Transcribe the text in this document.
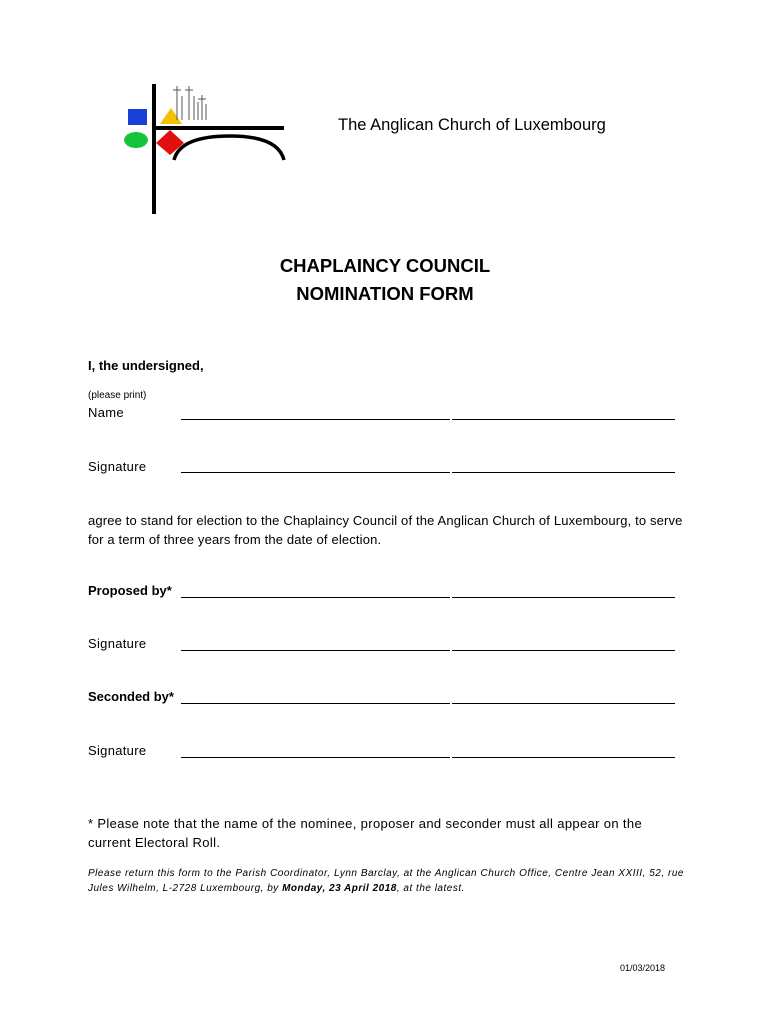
The Anglican Church of Luxembourg
CHAPLAINCY COUNCIL
NOMINATION FORM
I, the undersigned,
(please print)
Name
Signature
agree to stand for election to the Chaplaincy Council of the Anglican Church of Luxembourg, to serve for a term of three years from the date of election.
Proposed by*
Signature
Seconded by*
Signature
* Please note that the name of the nominee, proposer and seconder must all appear on the current Electoral Roll.
Please return this form to the Parish Coordinator, Lynn Barclay, at the Anglican Church Office, Centre Jean XXIII, 52, rue Jules Wilhelm, L-2728 Luxembourg, by Monday, 23 April 2018, at the latest.
01/03/2018
